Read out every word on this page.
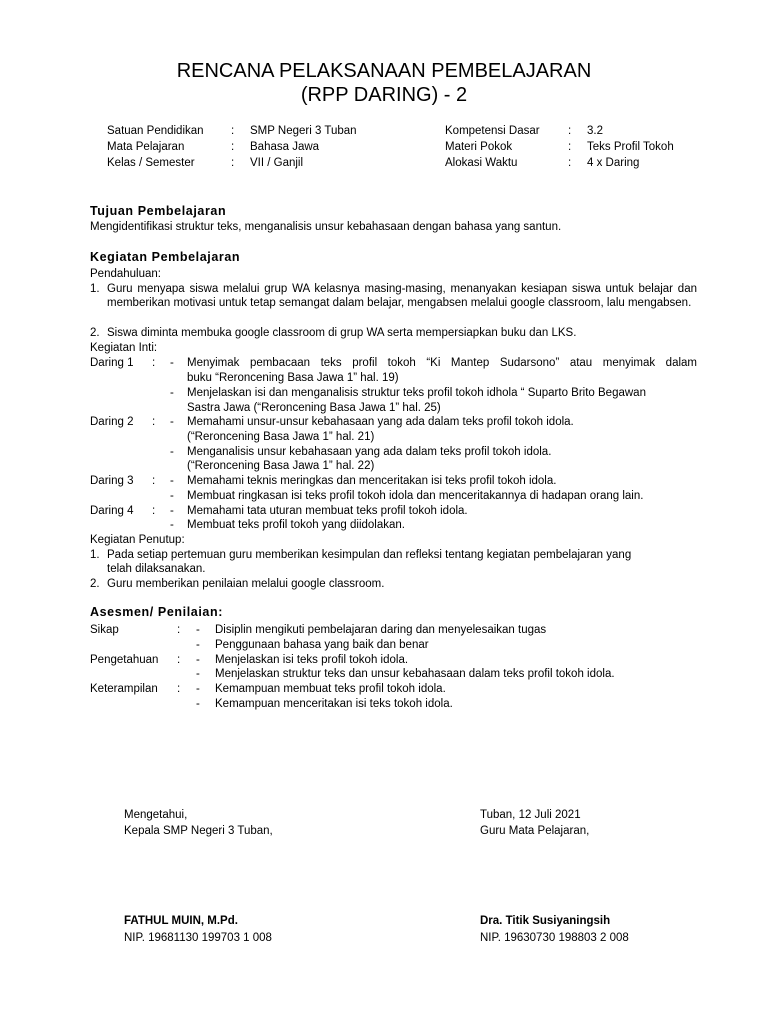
RENCANA PELAKSANAAN PEMBELAJARAN
(RPP DARING) - 2
Satuan Pendidikan : SMP Negeri 3 Tuban
Mata Pelajaran	: Bahasa Jawa
Kelas / Semester	: VII / Ganjil
Kompetensi Dasar : 3.2
Materi Pokok	: Teks Profil Tokoh
Alokasi Waktu	: 4 x Daring
Tujuan Pembelajaran
Mengidentifikasi struktur teks, menganalisis unsur kebahasaan dengan bahasa yang santun.
Kegiatan Pembelajaran
Pendahuluan:
1. Guru menyapa siswa melalui grup WA kelasnya masing-masing, menanyakan kesiapan siswa untuk belajar dan memberikan motivasi untuk tetap semangat dalam belajar, mengabsen melalui google classroom, lalu mengabsen.
2. Siswa diminta membuka google classroom di grup WA serta mempersiapkan buku dan LKS.
Kegiatan Inti:
Daring 1 : - Menyimak pembacaan teks profil tokoh “Ki Mantep Sudarsono” atau menyimak dalam
buku “Reroncening Basa Jawa 1” hal. 19)
- Menjelaskan isi dan menganalisis struktur teks profil tokoh idhola “ Suparto Brito Begawan
Sastra Jawa (“Reroncening Basa Jawa 1” hal. 25)
Daring 2 : - Memahami unsur-unsur kebahasaan yang ada dalam teks profil tokoh idola.
(“Reroncening Basa Jawa 1” hal. 21)
- Menganalisis unsur kebahasaan yang ada dalam teks profil tokoh idola.
(“Reroncening Basa Jawa 1” hal. 22)
Daring 3 : - Memahami teknis meringkas dan menceritakan isi teks profil tokoh idola.
- Membuat ringkasan isi teks profil tokoh idola dan menceritakannya di hadapan orang lain.
Daring 4 : - Memahami tata uturan membuat teks profil tokoh idola.
- Membuat teks profil tokoh yang diidolakan.
Kegiatan Penutup:
1. Pada setiap pertemuan guru memberikan kesimpulan dan refleksi tentang kegiatan pembelajaran yang
telah dilaksanakan.
2. Guru memberikan penilaian melalui google classroom.
Asesmen/ Penilaian:
Sikap	: - Disiplin mengikuti pembelajaran daring dan menyelesaikan tugas
- Penggunaan bahasa yang baik dan benar
Pengetahuan : - Menjelaskan isi teks profil tokoh idola.
- Menjelaskan struktur teks dan unsur kebahasaan dalam teks profil tokoh idola.
Keterampilan : - Kemampuan membuat teks profil tokoh idola.
- Kemampuan menceritakan isi teks tokoh idola.
Mengetahui,
Kepala SMP Negeri 3 Tuban,
FATHUL MUIN, M.Pd.
NIP. 19681130 199703 1 008
Tuban, 12 Juli 2021
Guru Mata Pelajaran,
Dra. Titik Susiyaningsih
NIP. 19630730 198803 2 008
